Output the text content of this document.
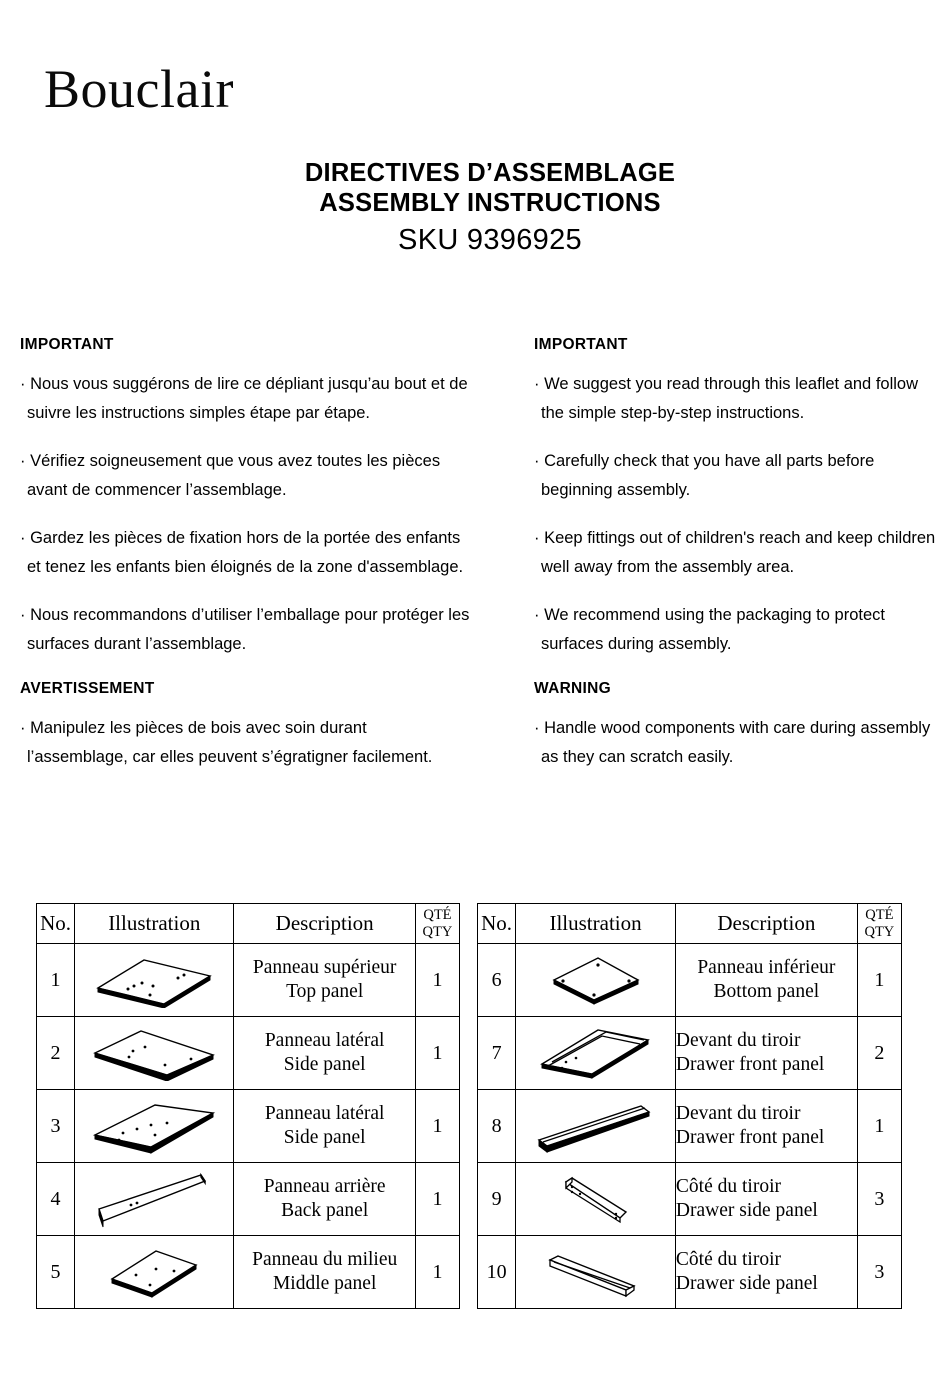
Bouclair
DIRECTIVES D’ASSEMBLAGE
ASSEMBLY INSTRUCTIONS
SKU 9396925
IMPORTANT

· Nous vous suggérons de lire ce dépliant jusqu’au bout et de suivre les instructions simples étape par étape.

· Vérifiez soigneusement que vous avez toutes les pièces avant de commencer l’assemblage.

· Gardez les pièces de fixation hors de la portée des enfants et tenez les enfants bien éloignés de la zone d'assemblage.

· Nous recommandons d’utiliser l’emballage pour protéger les surfaces durant l’assemblage.

AVERTISSEMENT

· Manipulez les pièces de bois avec soin durant l’assemblage, car elles peuvent s’égratigner facilement.

IMPORTANT

· We suggest you read through this leaflet and follow the simple step-by-step instructions.

· Carefully check that you have all parts before beginning assembly.

· Keep fittings out of children's reach and keep children well away from the assembly area.

· We recommend using the packaging to protect surfaces during assembly.

WARNING

· Handle wood components with care during assembly as they can scratch easily.

No.	Illustration	Description	QTÉ
QTY

1		Panneau supérieur
Top panel	1
2		Panneau latéral
Side panel	1
3		Panneau latéral
Side panel	1
4		Panneau arrière
Back panel	1
5		Panneau du milieu
Middle panel	1
No.	Illustration	Description	QTÉ
QTY

6		Panneau inférieur
Bottom panel	1
7		Devant du tiroir
Drawer front panel	2
8		Devant du tiroir
Drawer front panel	1
9		Côté du tiroir
Drawer side panel	3
10		Côté du tiroir
Drawer side panel	3
